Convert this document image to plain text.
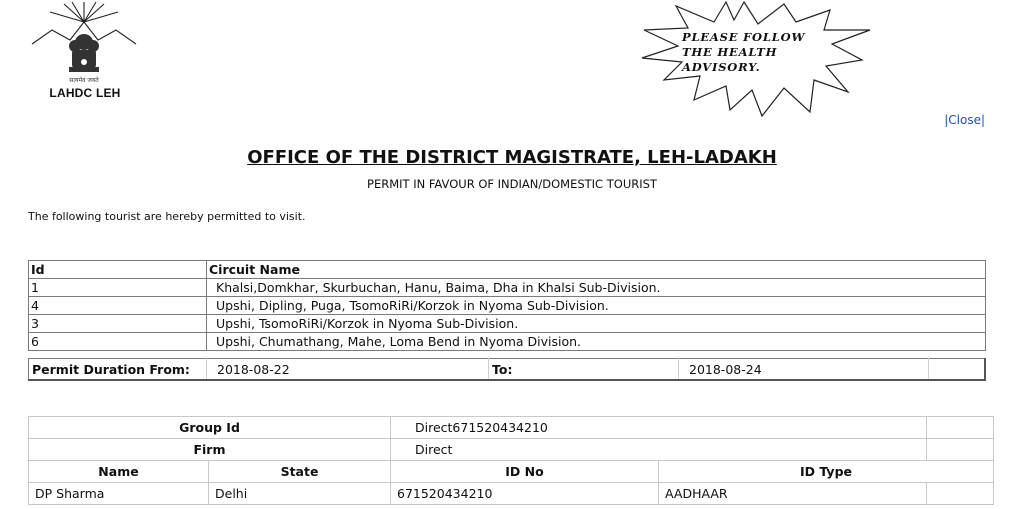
सत्यमेव जयते
LAHDC LEH
PLEASE FOLLOW
THE HEALTH
ADVISORY.
|Close|
OFFICE OF THE DISTRICT MAGISTRATE, LEH-LADAKH
PERMIT IN FAVOUR OF INDIAN/DOMESTIC TOURIST
The following tourist are hereby permitted to visit.
Id	Circuit Name
1	Khalsi,Domkhar, Skurbuchan, Hanu, Baima, Dha in Khalsi Sub-Division.
4	Upshi, Dipling, Puga, TsomoRiRi/Korzok in Nyoma Sub-Division.
3	Upshi, TsomoRiRi/Korzok in Nyoma Sub-Division.
6	Upshi, Chumathang, Mahe, Loma Bend in Nyoma Division.
Permit Duration From:	2018-08-22	To:	2018-08-24	
Group Id		Direct671520434210		
Firm		Direct		
Name	State	ID No	ID Type	
DP Sharma	Delhi	671520434210	AADHAAR	
